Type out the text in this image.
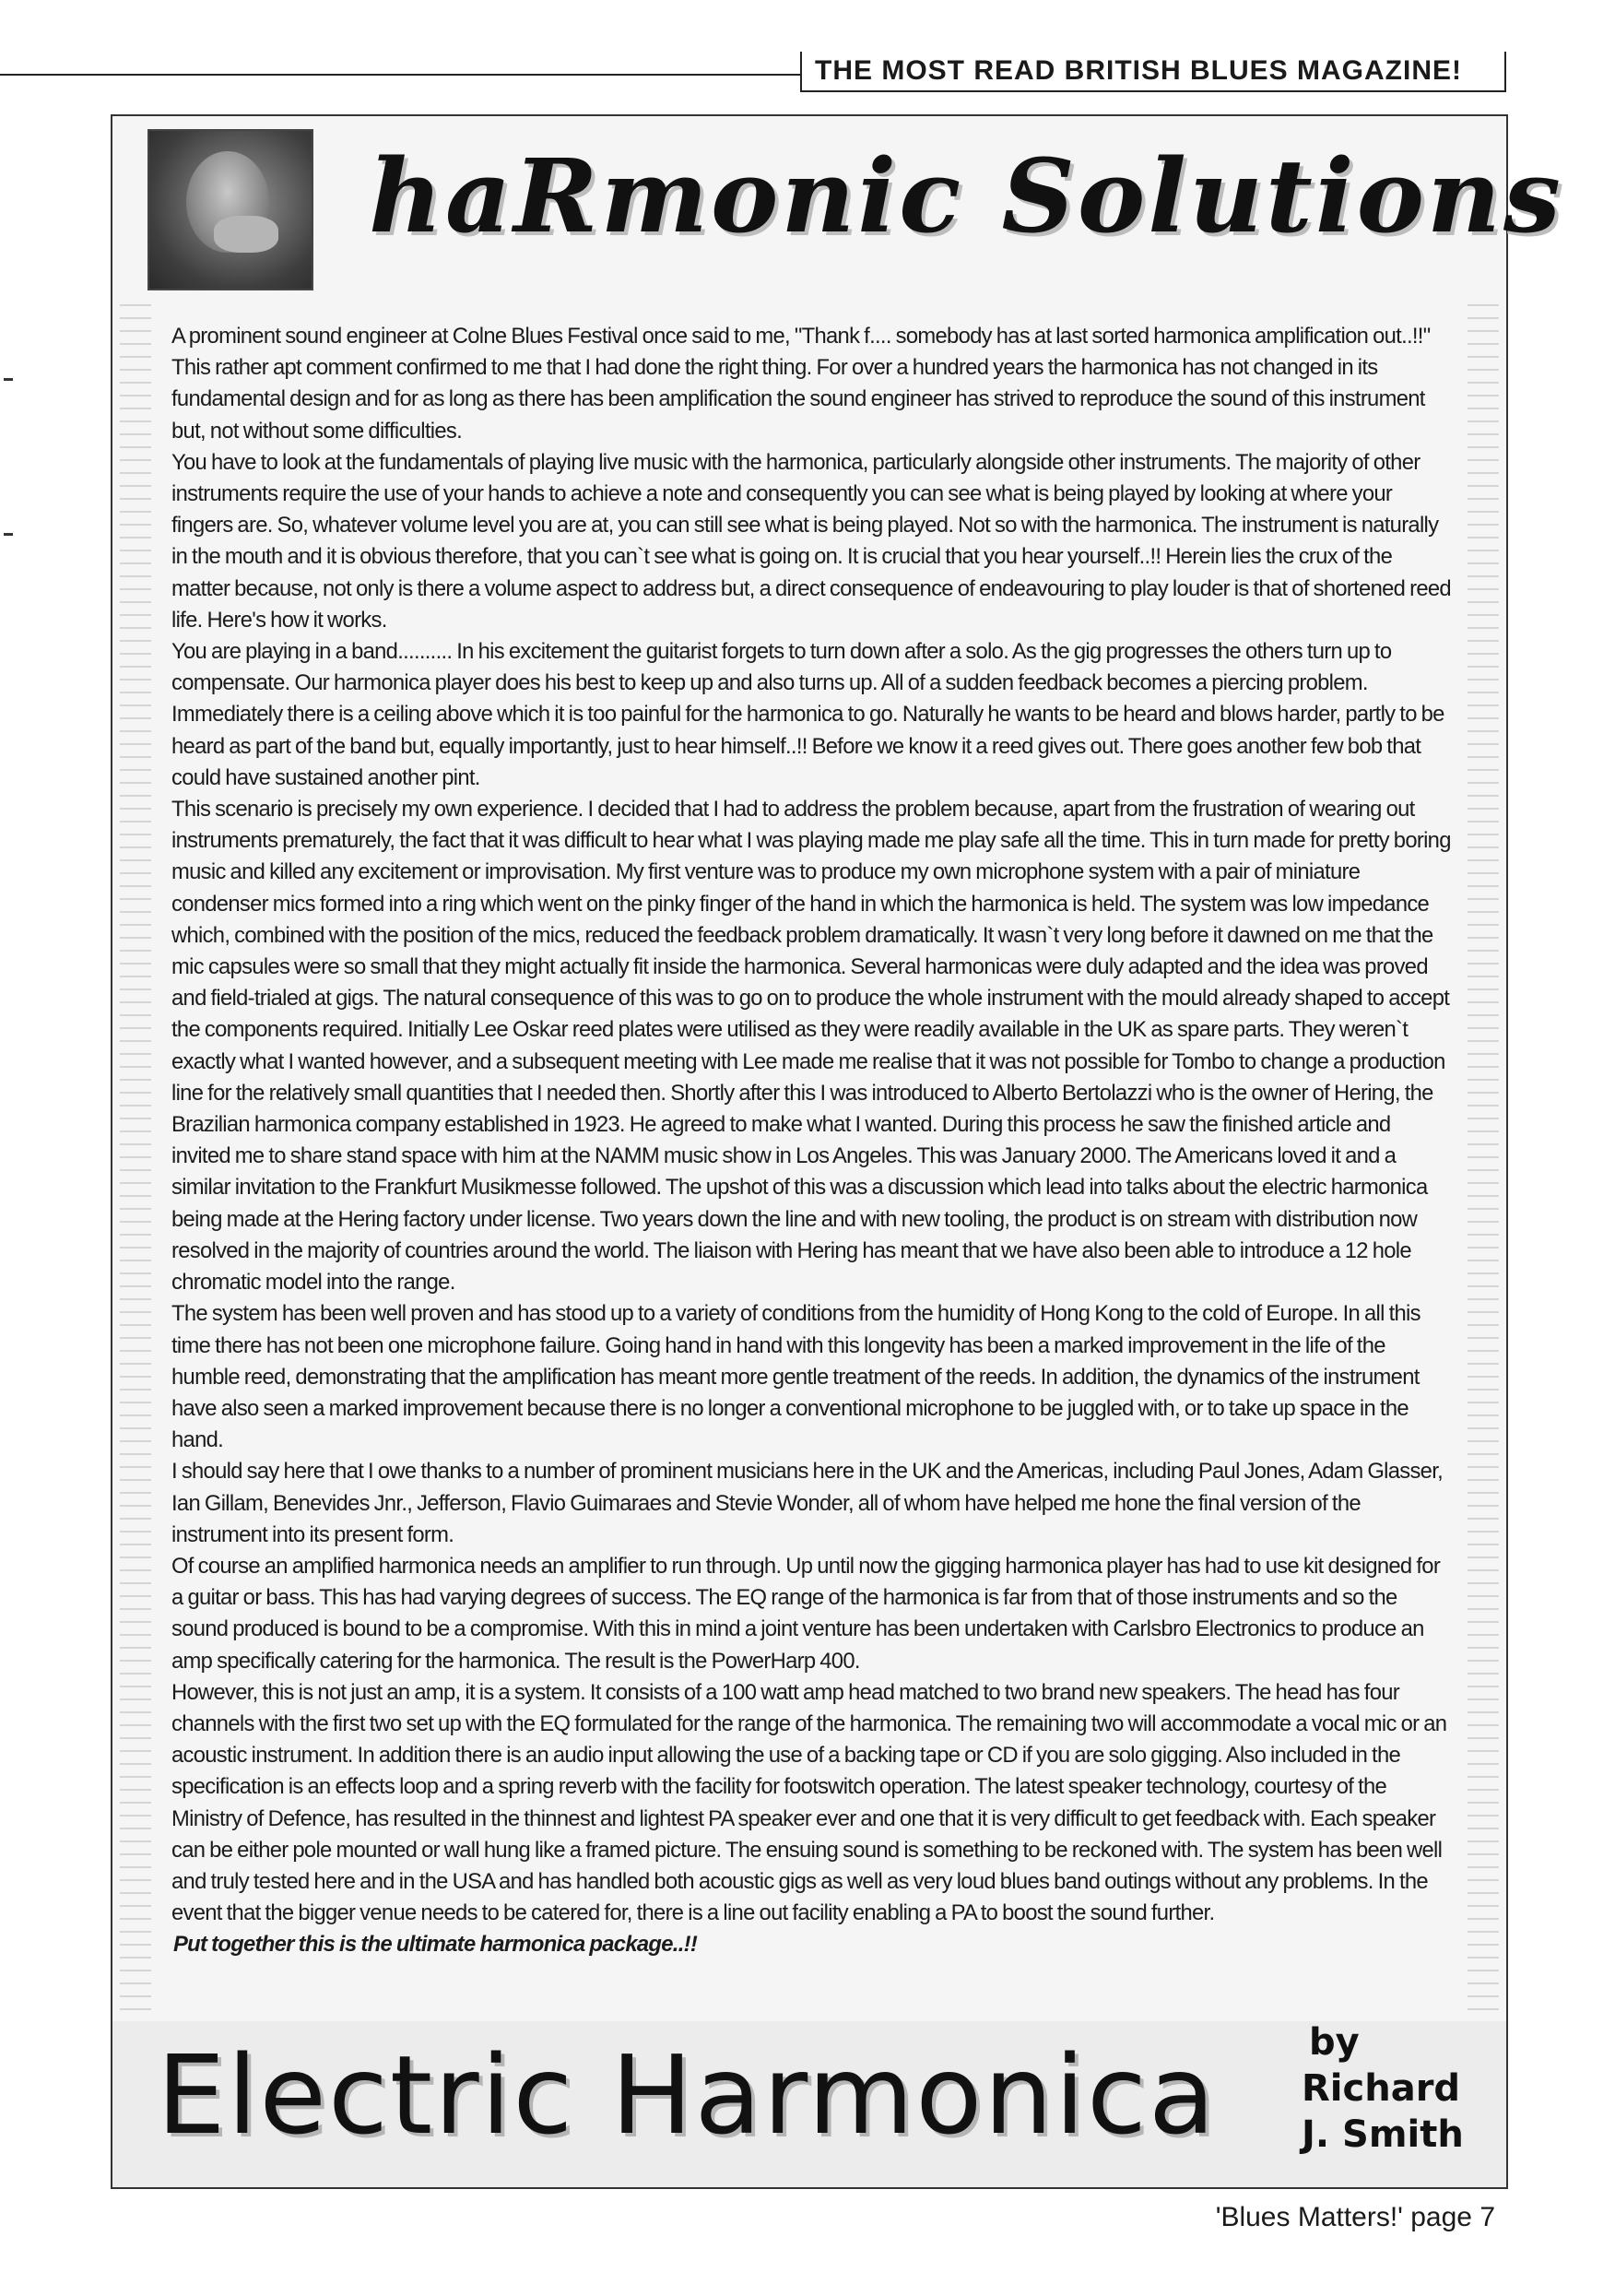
THE MOST READ BRITISH BLUES MAGAZINE!
haRmonic Solutions

A prominent sound engineer at Colne Blues Festival once said to me, "Thank f.... somebody has at last sorted harmonica amplification out..!!" This rather apt comment confirmed to me that I had done the right thing. For over a hundred years the harmonica has not changed in its fundamental design and for as long as there has been amplification the sound engineer has strived to reproduce the sound of this instrument but, not without some difficulties.

You have to look at the fundamentals of playing live music with the harmonica, particularly alongside other instruments. The majority of other instruments require the use of your hands to achieve a note and consequently you can see what is being played by looking at where your fingers are. So, whatever volume level you are at, you can still see what is being played. Not so with the harmonica. The instrument is naturally in the mouth and it is obvious therefore, that you can`t see what is going on. It is crucial that you hear yourself..!! Herein lies the crux of the matter because, not only is there a volume aspect to address but, a direct consequence of endeavouring to play louder is that of shortened reed life. Here's how it works.

You are playing in a band.......... In his excitement the guitarist forgets to turn down after a solo. As the gig progresses the others turn up to compensate. Our harmonica player does his best to keep up and also turns up. All of a sudden feedback becomes a piercing problem. Immediately there is a ceiling above which it is too painful for the harmonica to go. Naturally he wants to be heard and blows harder, partly to be heard as part of the band but, equally importantly, just to hear himself..!! Before we know it a reed gives out. There goes another few bob that could have sustained another pint.

This scenario is precisely my own experience. I decided that I had to address the problem because, apart from the frustration of wearing out instruments prematurely, the fact that it was difficult to hear what I was playing made me play safe all the time. This in turn made for pretty boring music and killed any excitement or improvisation. My first venture was to produce my own microphone system with a pair of miniature condenser mics formed into a ring which went on the pinky finger of the hand in which the harmonica is held. The system was low impedance which, combined with the position of the mics, reduced the feedback problem dramatically. It wasn`t very long before it dawned on me that the mic capsules were so small that they might actually fit inside the harmonica. Several harmonicas were duly adapted and the idea was proved and field-trialed at gigs. The natural consequence of this was to go on to produce the whole instrument with the mould already shaped to accept the components required. Initially Lee Oskar reed plates were utilised as they were readily available in the UK as spare parts. They weren`t exactly what I wanted however, and a subsequent meeting with Lee made me realise that it was not possible for Tombo to change a production line for the relatively small quantities that I needed then. Shortly after this I was introduced to Alberto Bertolazzi who is the owner of Hering, the Brazilian harmonica company established in 1923. He agreed to make what I wanted. During this process he saw the finished article and invited me to share stand space with him at the NAMM music show in Los Angeles. This was January 2000. The Americans loved it and a similar invitation to the Frankfurt Musikmesse followed. The upshot of this was a discussion which lead into talks about the electric harmonica being made at the Hering factory under license. Two years down the line and with new tooling, the product is on stream with distribution now resolved in the majority of countries around the world. The liaison with Hering has meant that we have also been able to introduce a 12 hole chromatic model into the range.

The system has been well proven and has stood up to a variety of conditions from the humidity of Hong Kong to the cold of Europe. In all this time there has not been one microphone failure. Going hand in hand with this longevity has been a marked improvement in the life of the humble reed, demonstrating that the amplification has meant more gentle treatment of the reeds. In addition, the dynamics of the instrument have also seen a marked improvement because there is no longer a conventional microphone to be juggled with, or to take up space in the hand.

I should say here that I owe thanks to a number of prominent musicians here in the UK and the Americas, including Paul Jones, Adam Glasser, Ian Gillam, Benevides Jnr., Jefferson, Flavio Guimaraes and Stevie Wonder, all of whom have helped me hone the final version of the instrument into its present form.

Of course an amplified harmonica needs an amplifier to run through. Up until now the gigging harmonica player has had to use kit designed for a guitar or bass. This has had varying degrees of success. The EQ range of the harmonica is far from that of those instruments and so the sound produced is bound to be a compromise. With this in mind a joint venture has been undertaken with Carlsbro Electronics to produce an amp specifically catering for the harmonica. The result is the PowerHarp 400.

However, this is not just an amp, it is a system. It consists of a 100 watt amp head matched to two brand new speakers. The head has four channels with the first two set up with the EQ formulated for the range of the harmonica. The remaining two will accommodate a vocal mic or an acoustic instrument. In addition there is an audio input allowing the use of a backing tape or CD if you are solo gigging. Also included in the specification is an effects loop and a spring reverb with the facility for footswitch operation. The latest speaker technology, courtesy of the Ministry of Defence, has resulted in the thinnest and lightest PA speaker ever and one that it is very difficult to get feedback with. Each speaker can be either pole mounted or wall hung like a framed picture. The ensuing sound is something to be reckoned with. The system has been well and truly tested here and in the USA and has handled both acoustic gigs as well as very loud blues band outings without any problems. In the event that the bigger venue needs to be catered for, there is a line out facility enabling a PA to boost the sound further.

Put together this is the ultimate harmonica package..!!

Electric Harmonica by
Richard
J. Smith
'Blues Matters!' page 7
